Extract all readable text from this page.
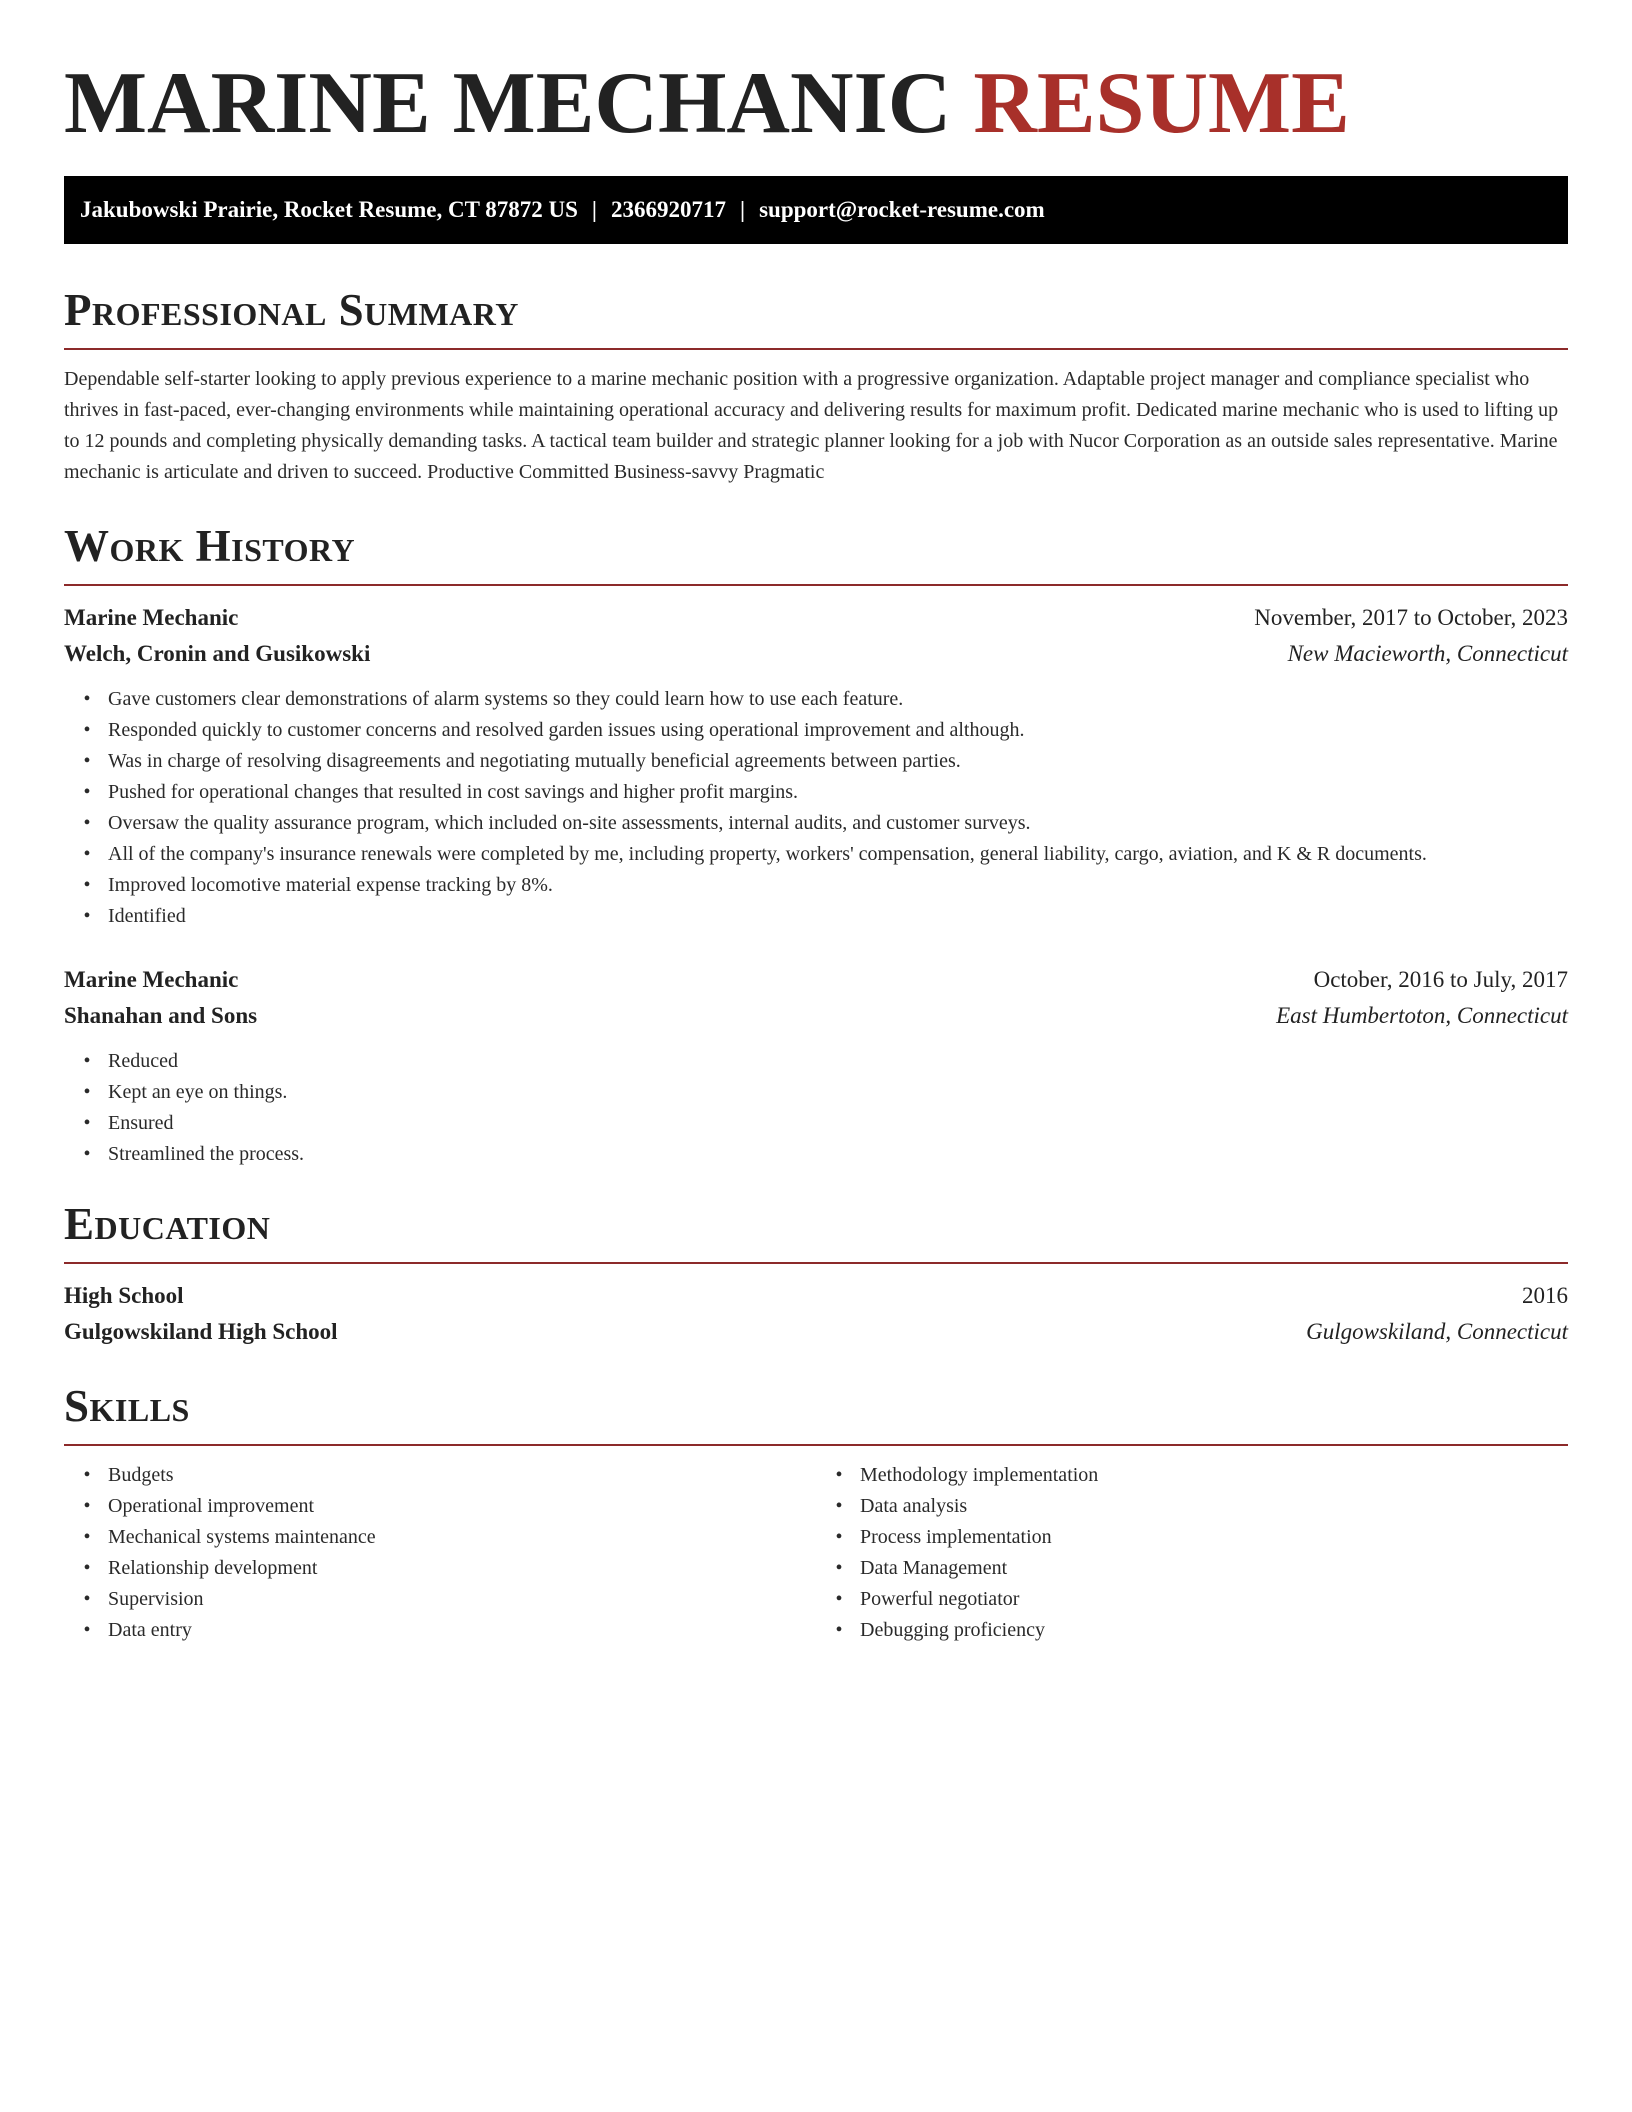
MARINE MECHANIC RESUME
Jakubowski Prairie, Rocket Resume, CT 87872 US | 2366920717 | support@rocket-resume.com
Professional Summary

Dependable self-starter looking to apply previous experience to a marine mechanic position with a progressive organization. Adaptable project manager and compliance specialist who thrives in fast-paced, ever-changing environments while maintaining operational accuracy and delivering results for maximum profit. Dedicated marine mechanic who is used to lifting up to 12 pounds and completing physically demanding tasks. A tactical team builder and strategic planner looking for a job with Nucor Corporation as an outside sales representative. Marine mechanic is articulate and driven to succeed. Productive Committed Business-savvy Pragmatic

Work History
Marine Mechanic	November, 2017 to October, 2023
Welch, Cronin and Gusikowski	New Macieworth, Connecticut
• Gave customers clear demonstrations of alarm systems so they could learn how to use each feature.
• Responded quickly to customer concerns and resolved garden issues using operational improvement and although.
• Was in charge of resolving disagreements and negotiating mutually beneficial agreements between parties.
• Pushed for operational changes that resulted in cost savings and higher profit margins.
• Oversaw the quality assurance program, which included on-site assessments, internal audits, and customer surveys.
• All of the company's insurance renewals were completed by me, including property, workers' compensation, general liability, cargo, aviation, and K & R documents.
• Improved locomotive material expense tracking by 8%.
• Identified
Marine Mechanic	October, 2016 to July, 2017
Shanahan and Sons	East Humbertoton, Connecticut
• Reduced
• Kept an eye on things.
• Ensured
• Streamlined the process.
Education
High School	2016
Gulgowskiland High School	Gulgowskiland, Connecticut
Skills
• Budgets
• Operational improvement
• Mechanical systems maintenance
• Relationship development
• Supervision
• Data entry
• Methodology implementation
• Data analysis
• Process implementation
• Data Management
• Powerful negotiator
• Debugging proficiency
